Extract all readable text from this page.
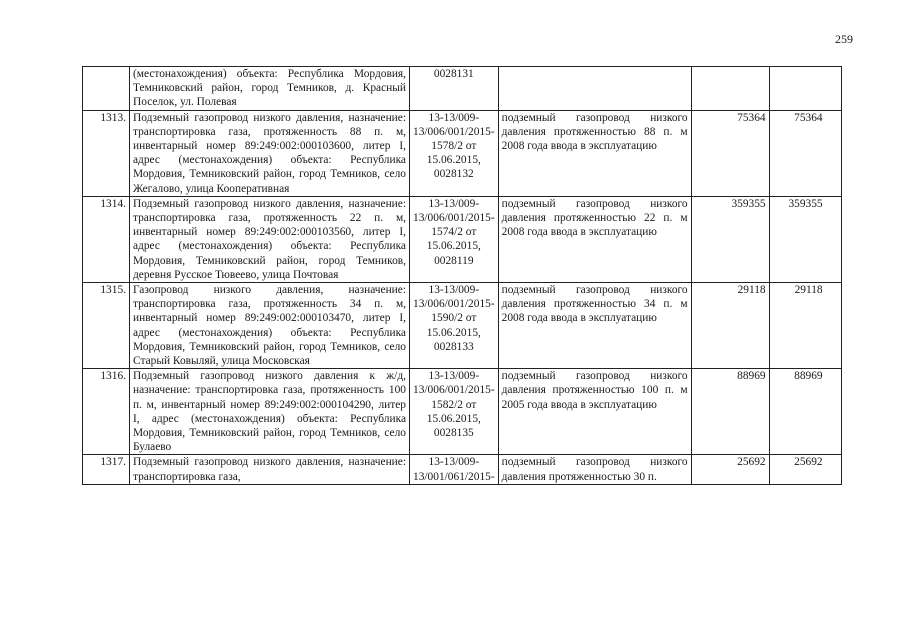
259
	(местонахождения) объекта: Республика Мордовия, Темниковский район, город Темников, д. Красный Поселок, ул. Полевая	0028131			
1313.	Подземный газопровод низкого давления, назначение: транспортировка газа, протяженность 88 п. м, инвентарный номер 89:249:002:000103600, литер I, адрес (местонахождения) объекта: Республика Мордовия, Темниковский район, город Темников, село Жегалово, улица Кооперативная	13-13/009-13/006/001/2015-1578/2 от 15.06.2015, 0028132	подземный газопровод низкого давления протяженностью 88 п. м 2008 года ввода в эксплуатацию	75364	75364
1314.	Подземный газопровод низкого давления, назначение: транспортировка газа, протяженность 22 п. м, инвентарный номер 89:249:002:000103560, литер I, адрес (местонахождения) объекта: Республика Мордовия, Темниковский район, город Темников, деревня Русское Тювеево, улица Почтовая	13-13/009-13/006/001/2015-1574/2 от 15.06.2015, 0028119	подземный газопровод низкого давления протяженностью 22 п. м 2008 года ввода в эксплуатацию	359355	359355
1315.	Газопровод низкого давления, назначение: транспортировка газа, протяженность 34 п. м, инвентарный номер 89:249:002:000103470, литер I, адрес (местонахождения) объекта: Республика Мордовия, Темниковский район, город Темников, село Старый Ковыляй, улица Московская	13-13/009-13/006/001/2015-1590/2 от 15.06.2015, 0028133	подземный газопровод низкого давления протяженностью 34 п. м 2008 года ввода в эксплуатацию	29118	29118
1316.	Подземный газопровод низкого давления к ж/д, назначение: транспортировка газа, протяженность 100 п. м, инвентарный номер 89:249:002:000104290, литер I, адрес (местонахождения) объекта: Республика Мордовия, Темниковский район, город Темников, село Булаево	13-13/009-13/006/001/2015-1582/2 от 15.06.2015, 0028135	подземный газопровод низкого давления протяженностью 100 п. м 2005 года ввода в эксплуатацию	88969	88969
1317.	Подземный газопровод низкого давления, назначение: транспортировка газа,	13-13/009-13/001/061/2015-	подземный газопровод низкого давления протяженностью 30 п.	25692	25692
